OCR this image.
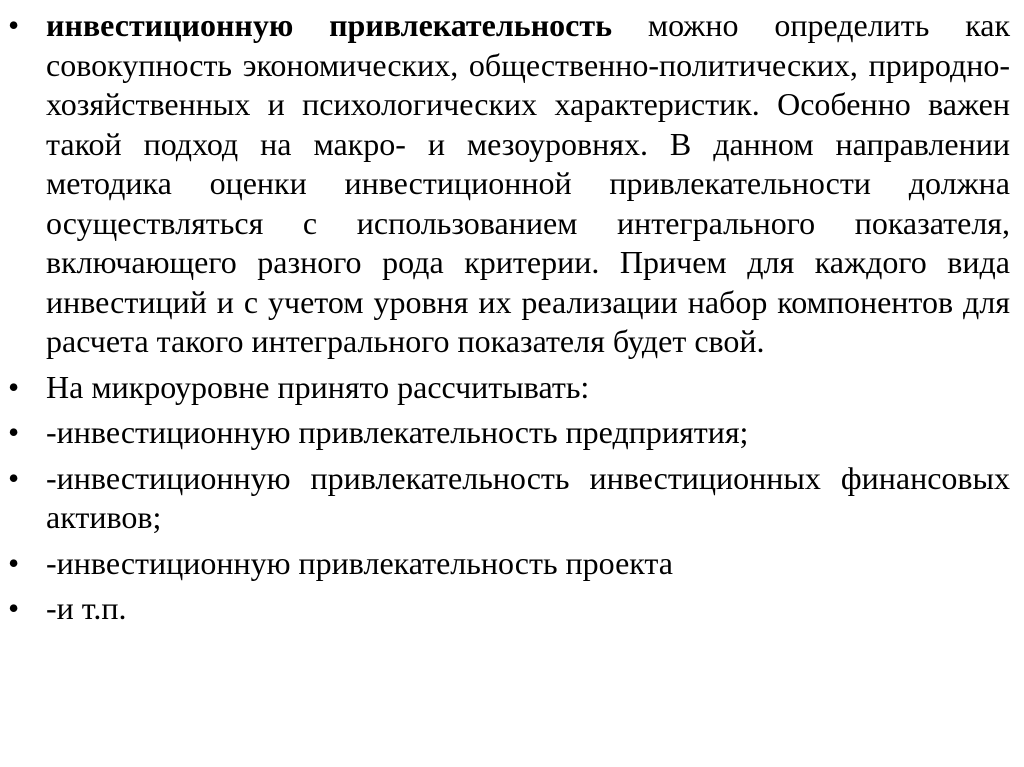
• инвестиционную привлекательность можно определить как совокупность экономических, общественно-политических, природно-хозяйственных и психологических характеристик. Особенно важен такой подход на макро- и мезоуровнях. В данном направлении методика оценки инвестиционной привлекательности должна осуществляться с использованием интегрального показателя, включающего разного рода критерии. Причем для каждого вида инвестиций и с учетом уровня их реализации набор компонентов для расчета такого интегрального показателя будет свой.
• На микроуровне принято рассчитывать:
• -инвестиционную привлекательность предприятия;
• -инвестиционную привлекательность инвестиционных финансовых активов;
• -инвестиционную привлекательность проекта
• -и т.п.
